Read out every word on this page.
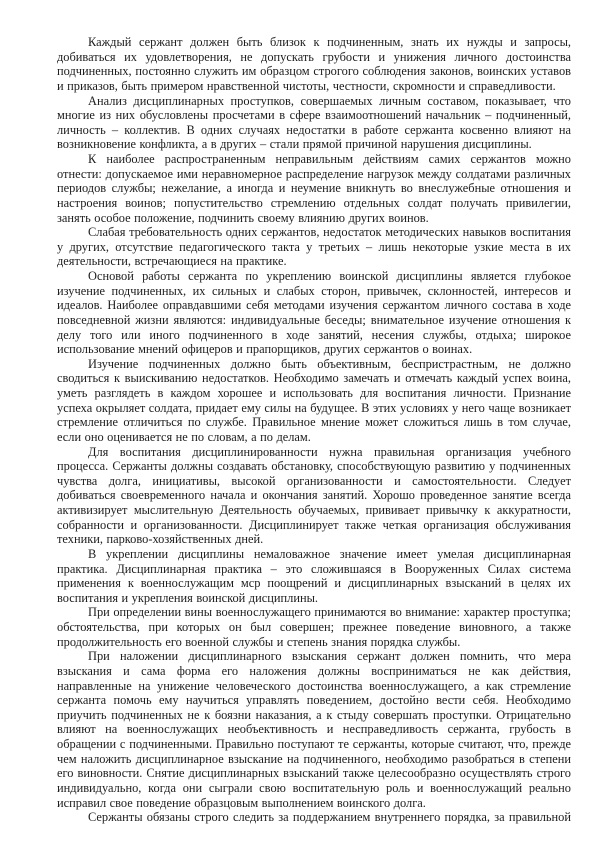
Каждый сержант должен быть близок к подчиненным, знать их нужды и запросы, добиваться их удовлетворения, не допускать грубости и унижения личного достоинства подчиненных, постоянно служить им образцом строгого соблюдения законов, воинских уставов и приказов, быть примером нравственной чистоты, честности, скромности и справедливости.

Анализ дисциплинарных проступков, совершаемых личным составом, показывает, что многие из них обусловлены просчетами в сфере взаимоотношений начальник – подчиненный, личность – коллектив. В одних случаях недостатки в работе сержанта косвенно влияют на возникновение конфликта, а в других – стали прямой причиной нарушения дисциплины.

К наиболее распространенным неправильным действиям самих сержантов можно отнести: допускаемое ими неравномерное распределение нагрузок между солдатами различных периодов службы; нежелание, а иногда и неумение вникнуть во внеслужебные отношения и настроения воинов; попустительство стремлению отдельных солдат получать привилегии, занять особое положение, подчинить своему влиянию других воинов.

Слабая требовательность одних сержантов, недостаток методических навыков воспитания у других, отсутствие педагогического такта у третьих – лишь некоторые узкие места в их деятельности, встречающиеся на практике.

Основой работы сержанта по укреплению воинской дисциплины является глубокое изучение подчиненных, их сильных и слабых сторон, привычек, склонностей, интересов и идеалов. Наиболее оправдавшими себя методами изучения сержантом личного состава в ходе повседневной жизни являются: индивидуальные беседы; внимательное изучение отношения к делу того или иного подчиненного в ходе занятий, несения службы, отдыха; широкое использование мнений офицеров и прапорщиков, других сержантов о воинах.

Изучение подчиненных должно быть объективным, беспристрастным, не должно сводиться к выискиванию недостатков. Необходимо замечать и отмечать каждый успех воина, уметь разглядеть в каждом хорошее и использовать для воспитания личности. Признание успеха окрыляет солдата, придает ему силы на будущее. В этих условиях у него чаще возникает стремление отличиться по службе. Правильное мнение может сложиться лишь в том случае, если оно оценивается не по словам, а по делам.

Для воспитания дисциплинированности нужна правильная организация учебного процесса. Сержанты должны создавать обстановку, способствующую развитию у подчиненных чувства долга, инициативы, высокой организованности и самостоятельности. Следует добиваться своевременного начала и окончания занятий. Хорошо проведенное занятие всегда активизирует мыслительную Деятельность обучаемых, прививает привычку к аккуратности, собранности и организованности. Дисциплинирует также четкая организация обслуживания техники, парково-хозяйственных дней.

В укреплении дисциплины немаловажное значение имеет умелая дисциплинарная практика. Дисциплинарная практика – это сложившаяся в Вооруженных Силах система применения к военнослужащим мср поощрений и дисциплинарных взысканий в целях их воспитания и укрепления воинской дисциплины.

При определении вины военнослужащего принимаются во внимание: характер проступка; обстоятельства, при которых он был совершен; прежнее поведение виновного, а также продолжительность его военной службы и степень знания порядка службы.

При наложении дисциплинарного взыскания сержант должен помнить, что мера взыскания и сама форма его наложения должны восприниматься не как действия, направленные на унижение человеческого достоинства военнослужащего, а как стремление сержанта помочь ему научиться управлять поведением, достойно вести себя. Необходимо приучить подчиненных не к боязни наказания, а к стыду совершать проступки. Отрицательно влияют на военнослужащих необъективность и несправедливость сержанта, грубость в обращении с подчиненными. Правильно поступают те сержанты, которые считают, что, прежде чем наложить дисциплинарное взыскание на подчиненного, необходимо разобраться в степени его виновности. Снятие дисциплинарных взысканий также целесообразно осуществлять строго индивидуально, когда они сыграли свою воспитательную роль и военнослужащий реально исправил свое поведение образцовым выполнением воинского долга.

Сержанты обязаны строго следить за поддержанием внутреннего порядка, за правильной
